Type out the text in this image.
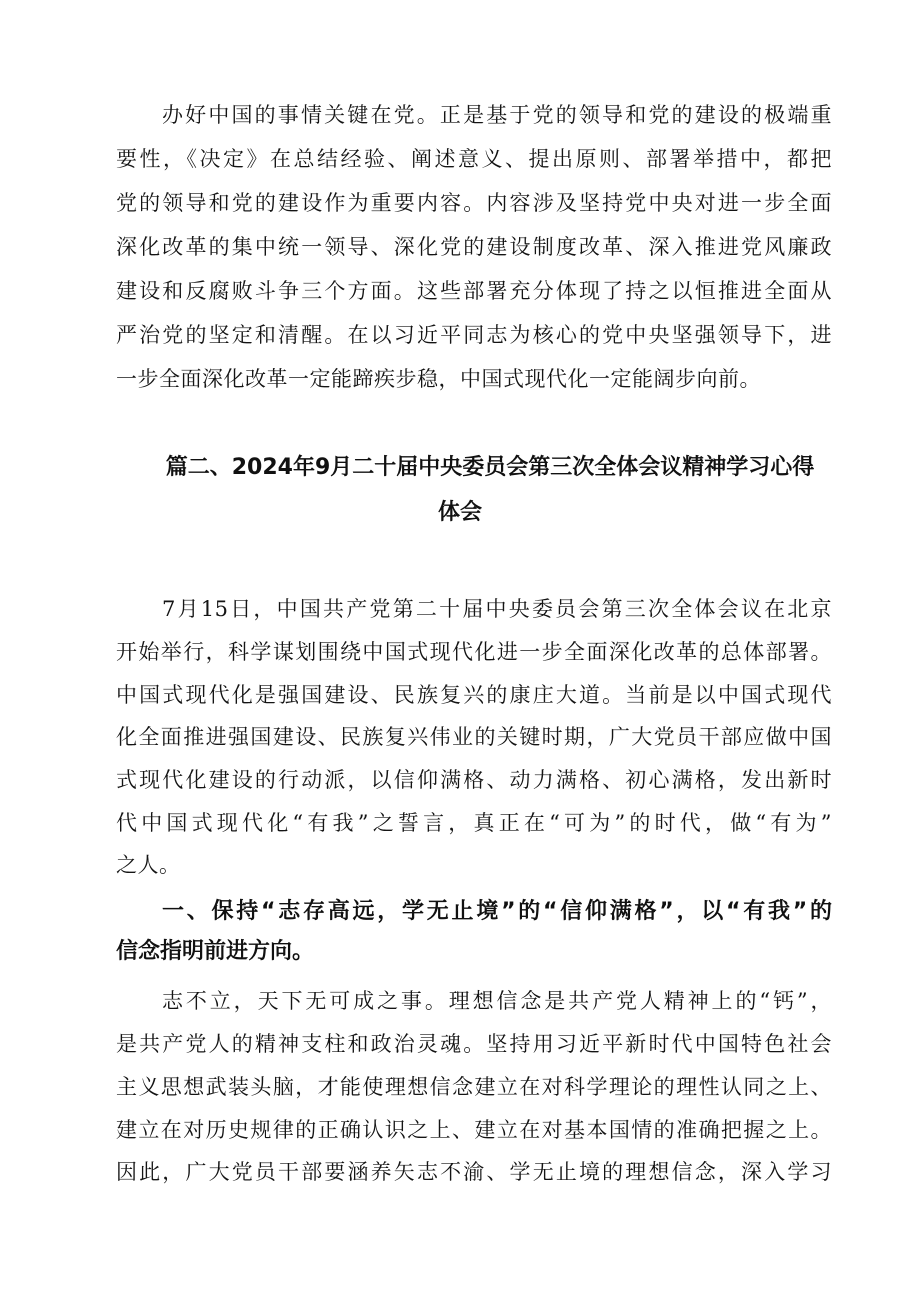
办好中国的事情关键在党。正是基于党的领导和党的建设的极端重

要性，《决定》在总结经验、阐述意义、提出原则、部署举措中，都把

党的领导和党的建设作为重要内容。内容涉及坚持党中央对进一步全面

深化改革的集中统一领导、深化党的建设制度改革、深入推进党风廉政

建设和反腐败斗争三个方面。这些部署充分体现了持之以恒推进全面从

严治党的坚定和清醒。在以习近平同志为核心的党中央坚强领导下，进

一步全面深化改革一定能蹄疾步稳，中国式现代化一定能阔步向前。

篇二、2024年9月二十届中央委员会第三次全体会议精神学习心得

体会

7月15日，中国共产党第二十届中央委员会第三次全体会议在北京

开始举行，科学谋划围绕中国式现代化进一步全面深化改革的总体部署。

中国式现代化是强国建设、民族复兴的康庄大道。当前是以中国式现代

化全面推进强国建设、民族复兴伟业的关键时期，广大党员干部应做中国

式现代化建设的行动派，以信仰满格、动力满格、初心满格，发出新时

代中国式现代化“有我”之誓言，真正在“可为”的时代，做“有为”

之人。

一、保持“志存高远，学无止境”的“信仰满格”，以“有我”的

信念指明前进方向。

志不立，天下无可成之事。理想信念是共产党人精神上的“钙”，

是共产党人的精神支柱和政治灵魂。坚持用习近平新时代中国特色社会

主义思想武装头脑，才能使理想信念建立在对科学理论的理性认同之上、

建立在对历史规律的正确认识之上、建立在对基本国情的准确把握之上。

因此，广大党员干部要涵养矢志不渝、学无止境的理想信念，深入学习
